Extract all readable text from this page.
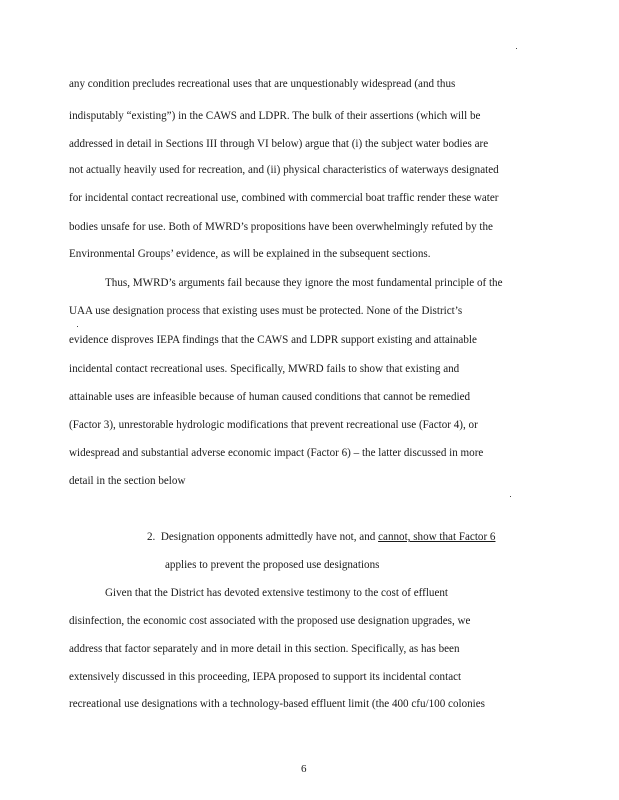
any condition precludes recreational uses that are unquestionably widespread (and thus
indisputably “existing”) in the CAWS and LDPR. The bulk of their assertions (which will be
addressed in detail in Sections III through VI below) argue that (i) the subject water bodies are
not actually heavily used for recreation, and (ii) physical characteristics of waterways designated
for incidental contact recreational use, combined with commercial boat traffic render these water
bodies unsafe for use. Both of MWRD’s propositions have been overwhelmingly refuted by the
Environmental Groups’ evidence, as will be explained in the subsequent sections.
Thus, MWRD’s arguments fail because they ignore the most fundamental principle of the
UAA use designation process that existing uses must be protected. None of the District’s
evidence disproves IEPA findings that the CAWS and LDPR support existing and attainable
incidental contact recreational uses. Specifically, MWRD fails to show that existing and
attainable uses are infeasible because of human caused conditions that cannot be remedied
(Factor 3), unrestorable hydrologic modifications that prevent recreational use (Factor 4), or
widespread and substantial adverse economic impact (Factor 6) – the latter discussed in more
detail in the section below
2. Designation opponents admittedly have not, and cannot, show that Factor 6
applies to prevent the proposed use designations
Given that the District has devoted extensive testimony to the cost of effluent
disinfection, the economic cost associated with the proposed use designation upgrades, we
address that factor separately and in more detail in this section. Specifically, as has been
extensively discussed in this proceeding, IEPA proposed to support its incidental contact
recreational use designations with a technology-based effluent limit (the 400 cfu/100 colonies
6
